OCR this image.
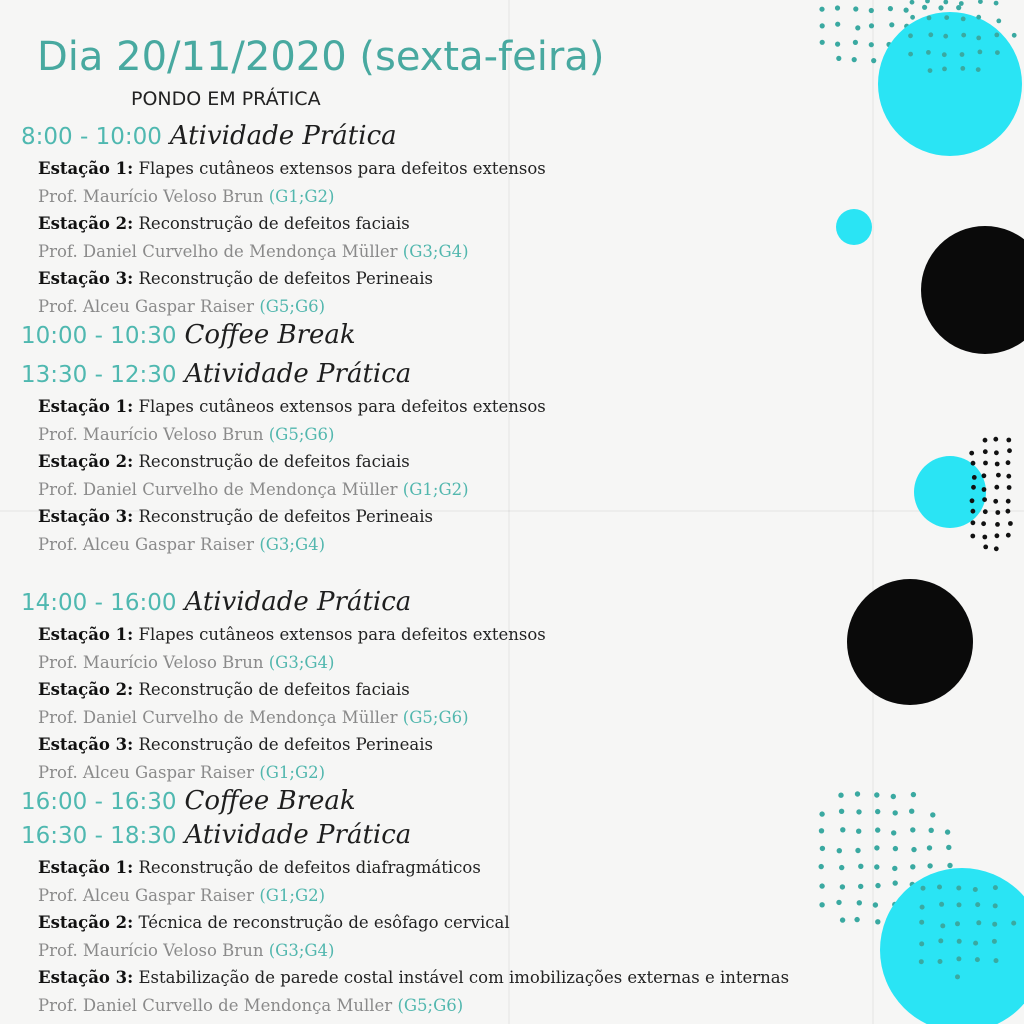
Dia 20/11/2020 (sexta-feira)
PONDO EM PRÁTICA
8:00 - 10:00 Atividade Prática
Estação 1: Flapes cutâneos extensos para defeitos extensos
Prof. Maurício Veloso Brun (G1;G2)
Estação 2: Reconstrução de defeitos faciais
Prof. Daniel Curvelho de Mendonça Müller (G3;G4)
Estação 3: Reconstrução de defeitos Perineais
Prof. Alceu Gaspar Raiser (G5;G6)
10:00 - 10:30 Coffee Break
13:30 - 12:30 Atividade Prática
Estação 1: Flapes cutâneos extensos para defeitos extensos
Prof. Maurício Veloso Brun (G5;G6)
Estação 2: Reconstrução de defeitos faciais
Prof. Daniel Curvelho de Mendonça Müller (G1;G2)
Estação 3: Reconstrução de defeitos Perineais
Prof. Alceu Gaspar Raiser (G3;G4)
14:00 - 16:00 Atividade Prática
Estação 1: Flapes cutâneos extensos para defeitos extensos
Prof. Maurício Veloso Brun (G3;G4)
Estação 2: Reconstrução de defeitos faciais
Prof. Daniel Curvelho de Mendonça Müller (G5;G6)
Estação 3: Reconstrução de defeitos Perineais
Prof. Alceu Gaspar Raiser (G1;G2)
16:00 - 16:30 Coffee Break
16:30 - 18:30 Atividade Prática
Estação 1: Reconstrução de defeitos diafragmáticos
Prof. Alceu Gaspar Raiser (G1;G2)
Estação 2: Técnica de reconstrução de esôfago cervical
Prof. Maurício Veloso Brun (G3;G4)
Estação 3: Estabilização de parede costal instável com imobilizações externas e internas
Prof. Daniel Curvello de Mendonça Muller (G5;G6)
